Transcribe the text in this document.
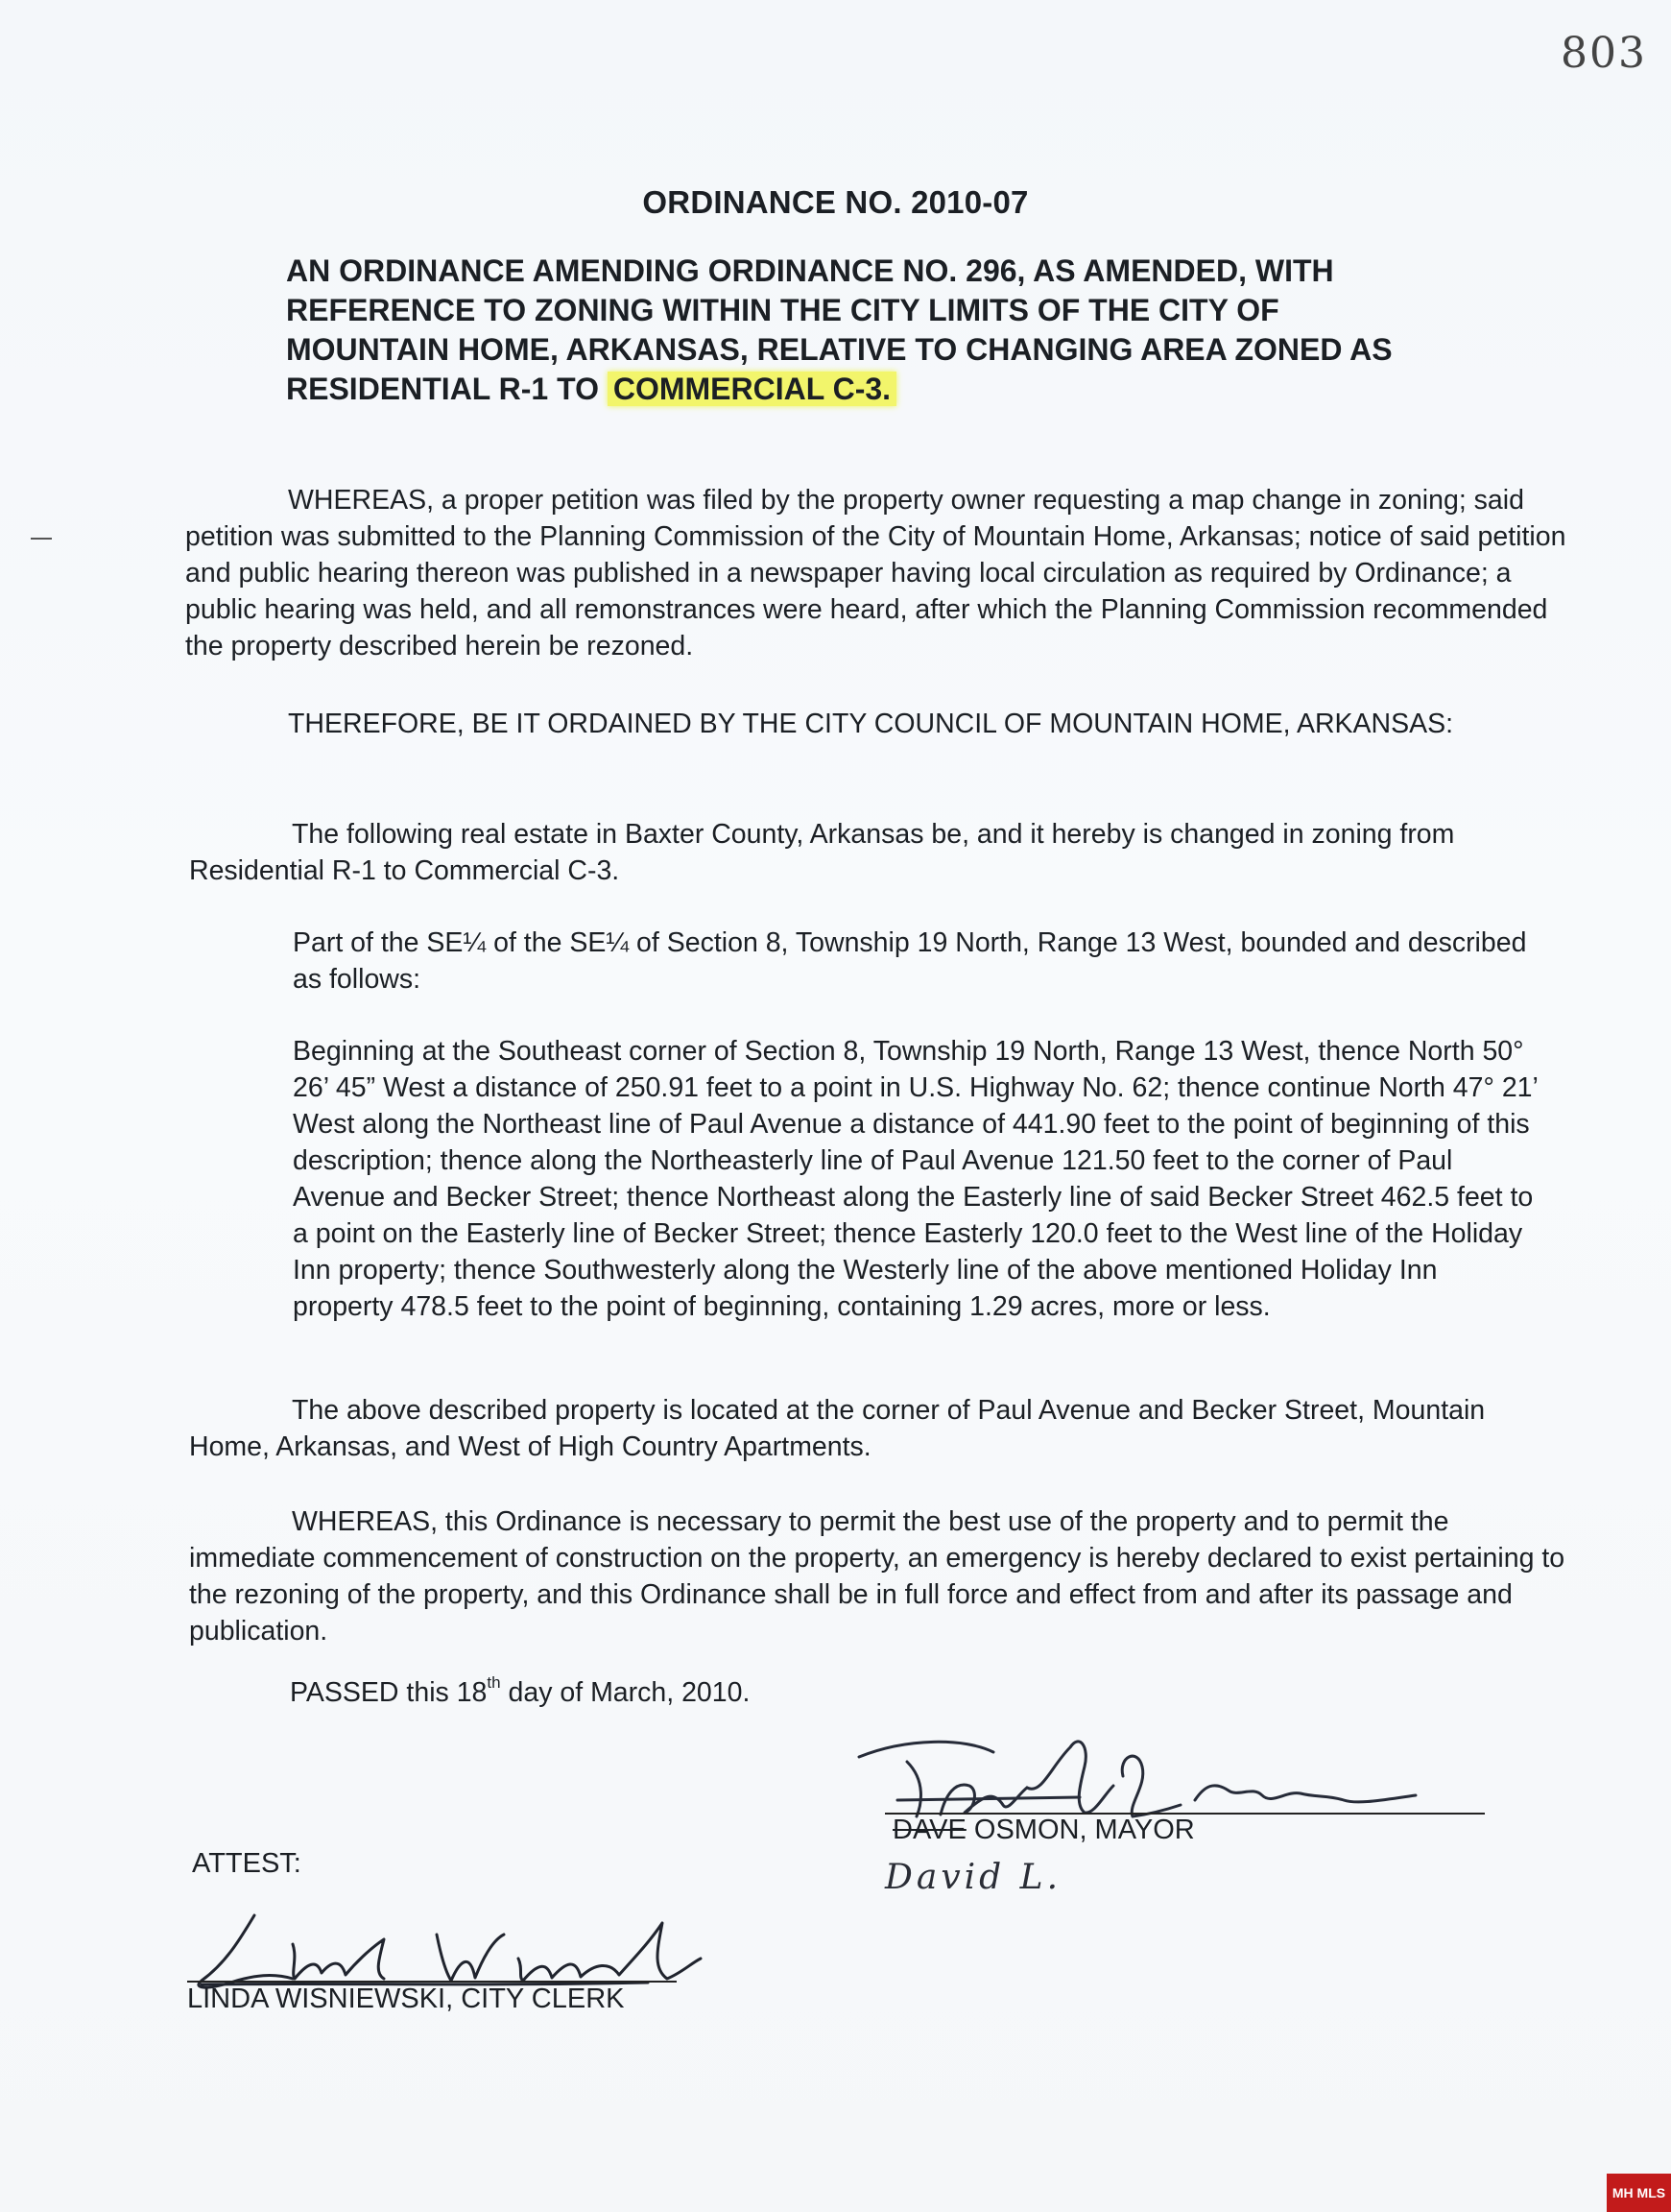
803
ORDINANCE NO. 2010-07
AN ORDINANCE AMENDING ORDINANCE NO. 296, AS AMENDED, WITH REFERENCE TO ZONING WITHIN THE CITY LIMITS OF THE CITY OF MOUNTAIN HOME, ARKANSAS, RELATIVE TO CHANGING AREA ZONED AS RESIDENTIAL R-1 TO COMMERCIAL C-3.
WHEREAS, a proper petition was filed by the property owner requesting a map change in zoning; said petition was submitted to the Planning Commission of the City of Mountain Home, Arkansas; notice of said petition and public hearing thereon was published in a newspaper having local circulation as required by Ordinance; a public hearing was held, and all remonstrances were heard, after which the Planning Commission recommended the property described herein be rezoned.
THEREFORE, BE IT ORDAINED BY THE CITY COUNCIL OF MOUNTAIN HOME, ARKANSAS:
The following real estate in Baxter County, Arkansas be, and it hereby is changed in zoning from Residential R-1 to Commercial C-3.
Part of the SE¼ of the SE¼ of Section 8, Township 19 North, Range 13 West, bounded and described as follows:
Beginning at the Southeast corner of Section 8, Township 19 North, Range 13 West, thence North 50° 26’ 45” West a distance of 250.91 feet to a point in U.S. Highway No. 62; thence continue North 47° 21’ West along the Northeast line of Paul Avenue a distance of 441.90 feet to the point of beginning of this description; thence along the Northeasterly line of Paul Avenue 121.50 feet to the corner of Paul Avenue and Becker Street; thence Northeast along the Easterly line of said Becker Street 462.5 feet to a point on the Easterly line of Becker Street; thence Easterly 120.0 feet to the West line of the Holiday Inn property; thence Southwesterly along the Westerly line of the above mentioned Holiday Inn property 478.5 feet to the point of beginning, containing 1.29 acres, more or less.
The above described property is located at the corner of Paul Avenue and Becker Street, Mountain Home, Arkansas, and West of High Country Apartments.
WHEREAS, this Ordinance is necessary to permit the best use of the property and to permit the immediate commencement of construction on the property, an emergency is hereby declared to exist pertaining to the rezoning of the property, and this Ordinance shall be in full force and effect from and after its passage and publication.
PASSED this 18th day of March, 2010.
DAVE OSMON, MAYOR
David L.
ATTEST:
LINDA WISNIEWSKI, CITY CLERK
MH MLS
